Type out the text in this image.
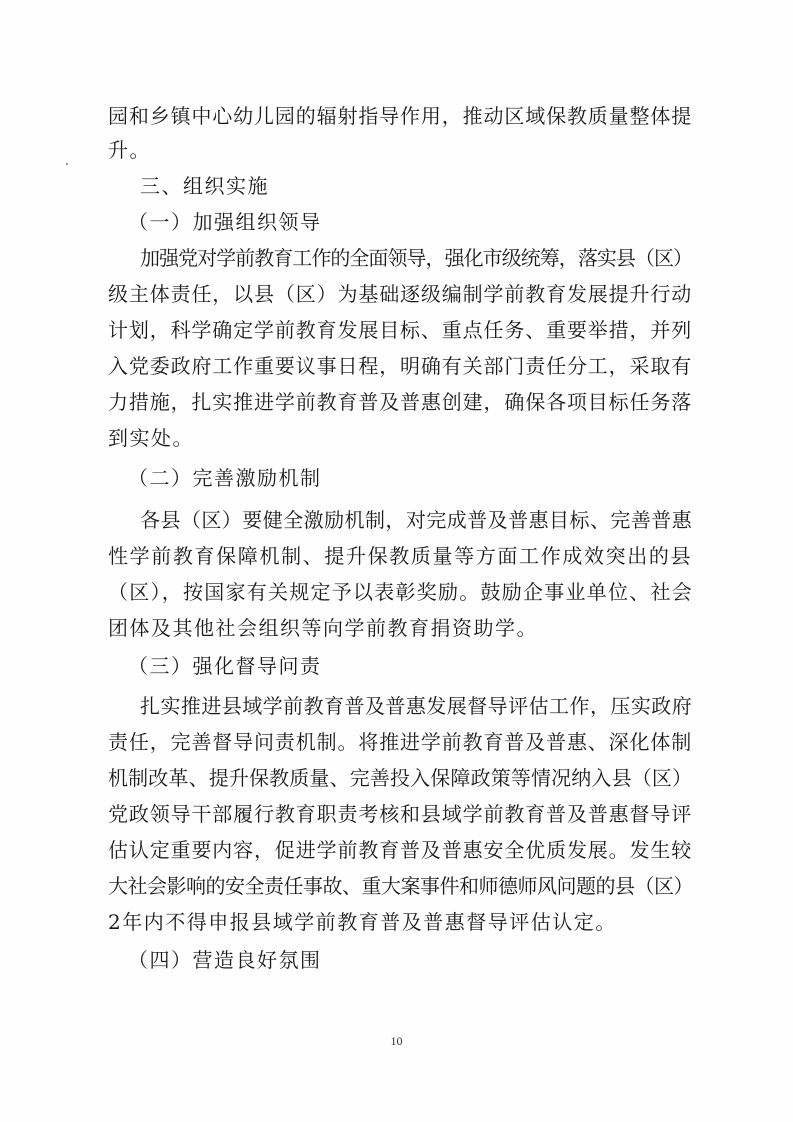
园和乡镇中心幼儿园的辐射指导作用，推动区域保教质量整体提
升。
三、组织实施
（一）加强组织领导
加强党对学前教育工作的全面领导，强化市级统筹，落实县（区）
级主体责任，以县（区）为基础逐级编制学前教育发展提升行动
计划，科学确定学前教育发展目标、重点任务、重要举措，并列
入党委政府工作重要议事日程，明确有关部门责任分工，采取有
力措施，扎实推进学前教育普及普惠创建，确保各项目标任务落
到实处。
（二）完善激励机制
各县（区）要健全激励机制，对完成普及普惠目标、完善普惠
性学前教育保障机制、提升保教质量等方面工作成效突出的县
（区），按国家有关规定予以表彰奖励。鼓励企事业单位、社会
团体及其他社会组织等向学前教育捐资助学。
（三）强化督导问责
扎实推进县域学前教育普及普惠发展督导评估工作，压实政府
责任，完善督导问责机制。将推进学前教育普及普惠、深化体制
机制改革、提升保教质量、完善投入保障政策等情况纳入县（区）
党政领导干部履行教育职责考核和县域学前教育普及普惠督导评
估认定重要内容，促进学前教育普及普惠安全优质发展。发生较
大社会影响的安全责任事故、重大案事件和师德师风问题的县（区）
2年内不得申报县域学前教育普及普惠督导评估认定。
（四）营造良好氛围
10
